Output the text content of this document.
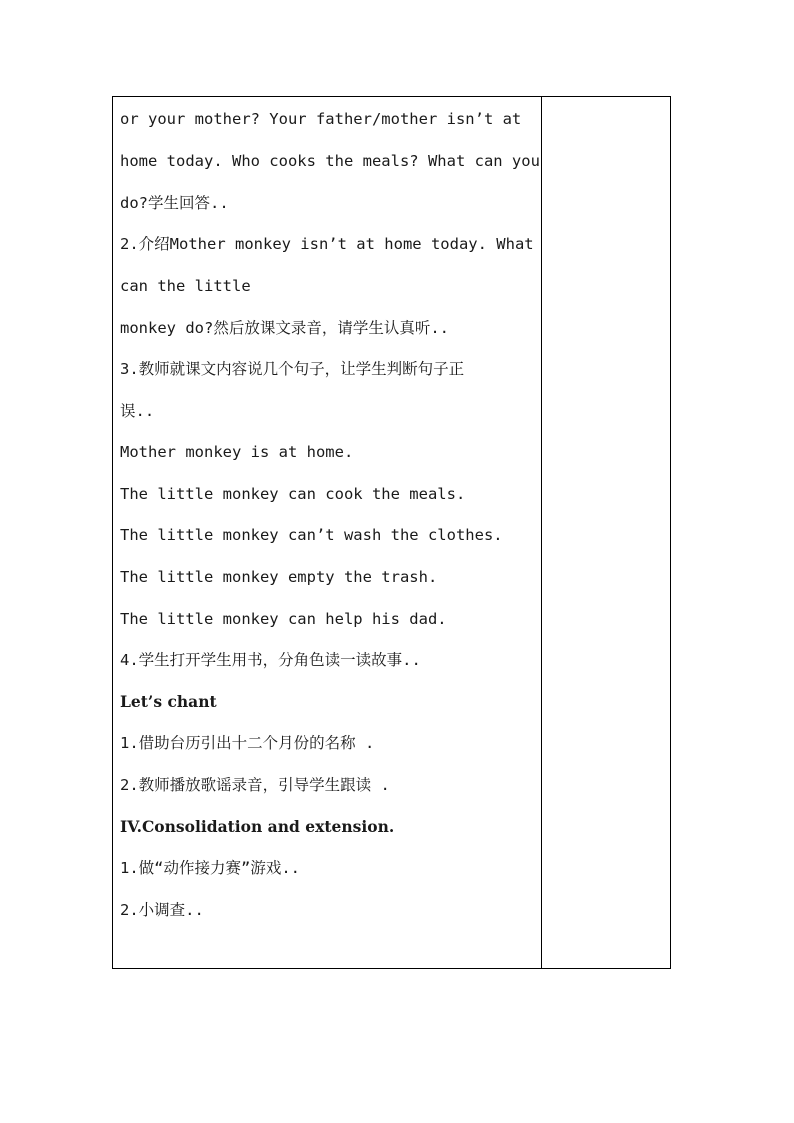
or your mother? Your father/mother isn’t at
home today. Who cooks the meals? What can you
do?学生回答..
2.介绍Mother monkey isn’t at home today. What
can the little
monkey do?然后放课文录音，请学生认真听..
3.教师就课文内容说几个句子，让学生判断句子正
误..
Mother monkey is at home.
The little monkey can cook the meals.
The little monkey can’t wash the clothes.
The little monkey empty the trash.
The little monkey can help his dad.
4.学生打开学生用书，分角色读一读故事..
Let’s chant
1.借助台历引出十二个月份的名称 .
2.教师播放歌谣录音，引导学生跟读 .
IV.Consolidation and extension.
1.做“动作接力赛”游戏..
2.小调查..
